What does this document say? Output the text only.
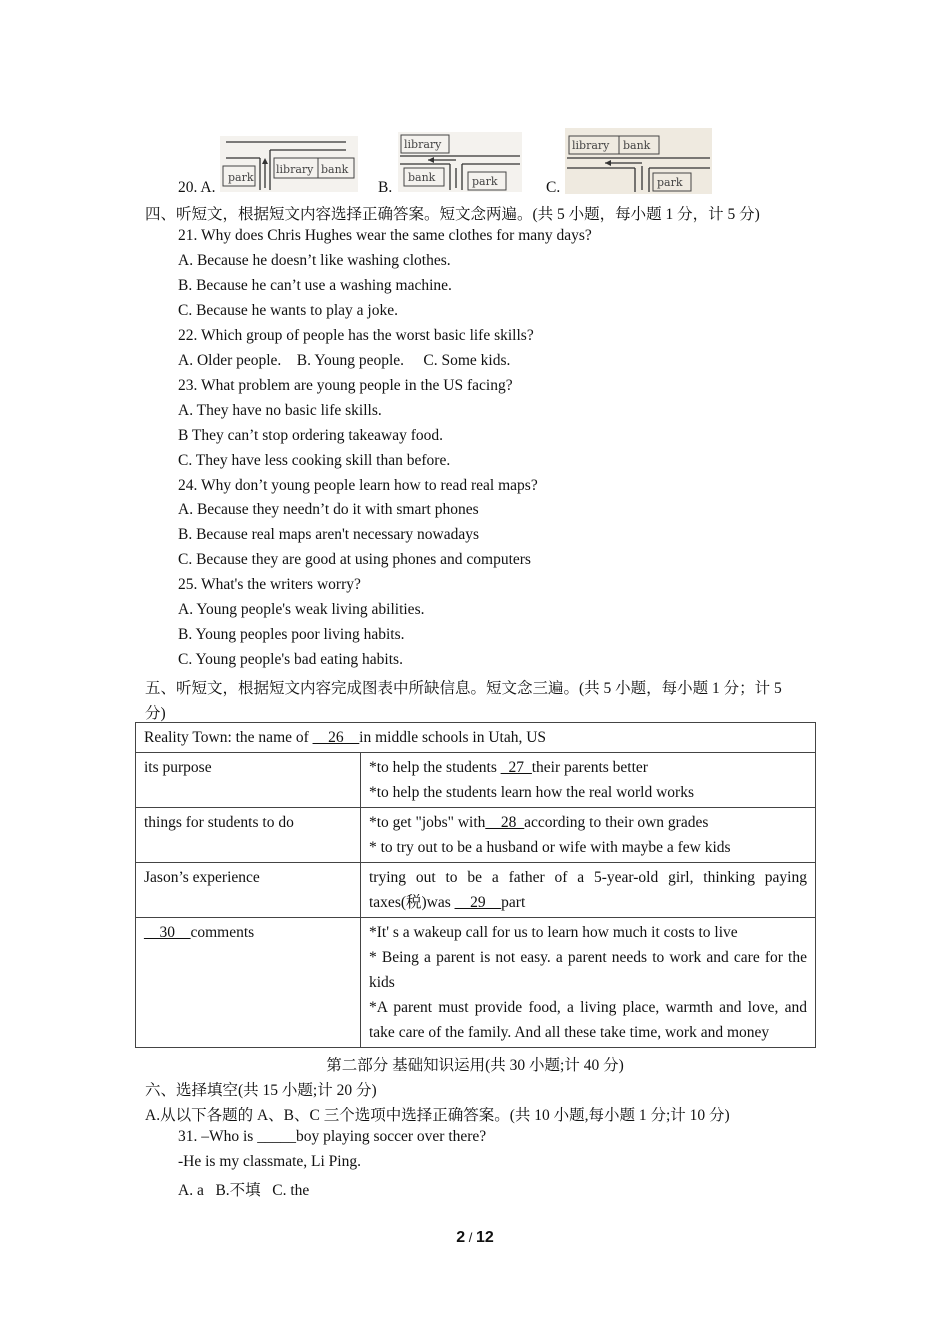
20. A.
park
library bank
B.
library
bank	park	C.
library bank
park
四、听短文，根据短文内容选择正确答案。短文念两遍。(共 5 小题，每小题 1 分，计 5 分)
21. Why does Chris Hughes wear the same clothes for many days?
A. Because he doesn’t like washing clothes.
B. Because he can’t use a washing machine.
C. Because he wants to play a joke.
22. Which group of people has the worst basic life skills?
A. Older people.    B. Young people.     C. Some kids.
23. What problem are young people in the US facing?
A. They have no basic life skills.
B They can’t stop ordering takeaway food.
C. They have less cooking skill than before.
24. Why don’t young people learn how to read real maps?
A. Because they needn’t do it with smart phones
B. Because real maps aren't necessary nowadays
C. Because they are good at using phones and computers
25. What's the writers worry?
A. Young people's weak living abilities.
B. Young peoples poor living habits.
C. Young people's bad eating habits.
五、听短文，根据短文内容完成图表中所缺信息。短文念三遍。(共 5 小题，每小题 1 分；计 5
分)
Reality Town: the name of __26__in middle schools in Utah, US	
its purpose	*to help the students _27_their parents better
*to help the students learn how the real world works

things for students to do	*to get "jobs" with__28_according to their own grades
* to try out to be a husband or wife with maybe a few kids

Jason’s experience	trying out to be a father of a 5-year-old girl, thinking paying taxes(税)was __29__part
__30__comments	*It' s a wakeup call for us to learn how much it costs to live
* Being a parent is not easy. a parent needs to work and care for the kids
*A parent must provide food, a living place, warmth and love, and take care of the family. And all these take time, work and money
第二部分 基础知识运用(共 30 小题;计 40 分)
六、选择填空(共 15 小题;计 20 分)
A.从以下各题的 A、B、C 三个选项中选择正确答案。(共 10 小题,每小题 1 分;计 10 分)
31. –Who is _____boy playing soccer over there?
-He is my classmate, Li Ping.
A. a   B.不填   C. the
2 / 12
